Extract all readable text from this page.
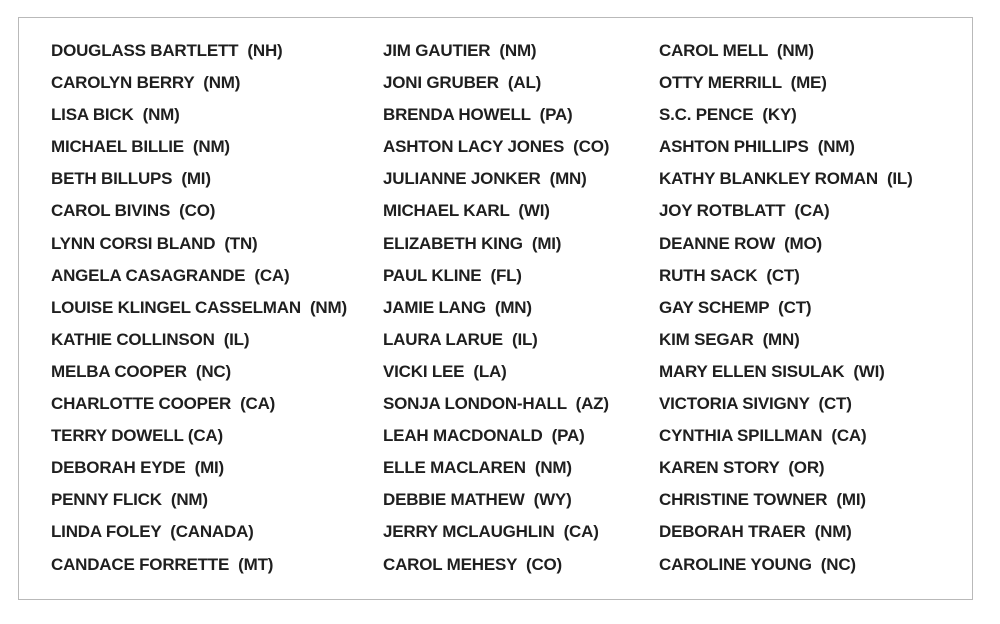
DOUGLASS BARTLETT  (NH)
CAROLYN BERRY  (NM)
LISA BICK  (NM)
MICHAEL BILLIE  (NM)
BETH BILLUPS  (MI)
CAROL BIVINS  (CO)
LYNN CORSI BLAND  (TN)
ANGELA CASAGRANDE  (CA)
LOUISE KLINGEL CASSELMAN  (NM)
KATHIE COLLINSON  (IL)
MELBA COOPER  (NC)
CHARLOTTE COOPER  (CA)
TERRY DOWELL (CA)
DEBORAH EYDE  (MI)
PENNY FLICK  (NM)
LINDA FOLEY  (CANADA)
CANDACE FORRETTE  (MT)
JIM GAUTIER  (NM)
JONI GRUBER  (AL)
BRENDA HOWELL  (PA)
ASHTON LACY JONES  (CO)
JULIANNE JONKER  (MN)
MICHAEL KARL  (WI)
ELIZABETH KING  (MI)
PAUL KLINE  (FL)
JAMIE LANG  (MN)
LAURA LARUE  (IL)
VICKI LEE  (LA)
SONJA LONDON-HALL  (AZ)
LEAH MACDONALD  (PA)
ELLE MACLAREN  (NM)
DEBBIE MATHEW  (WY)
JERRY MCLAUGHLIN  (CA)
CAROL MEHESY  (CO)
CAROL MELL  (NM)
OTTY MERRILL  (ME)
S.C. PENCE  (KY)
ASHTON PHILLIPS  (NM)
KATHY BLANKLEY ROMAN  (IL)
JOY ROTBLATT  (CA)
DEANNE ROW  (MO)
RUTH SACK  (CT)
GAY SCHEMP  (CT)
KIM SEGAR  (MN)
MARY ELLEN SISULAK  (WI)
VICTORIA SIVIGNY  (CT)
CYNTHIA SPILLMAN  (CA)
KAREN STORY  (OR)
CHRISTINE TOWNER  (MI)
DEBORAH TRAER  (NM)
CAROLINE YOUNG  (NC)
